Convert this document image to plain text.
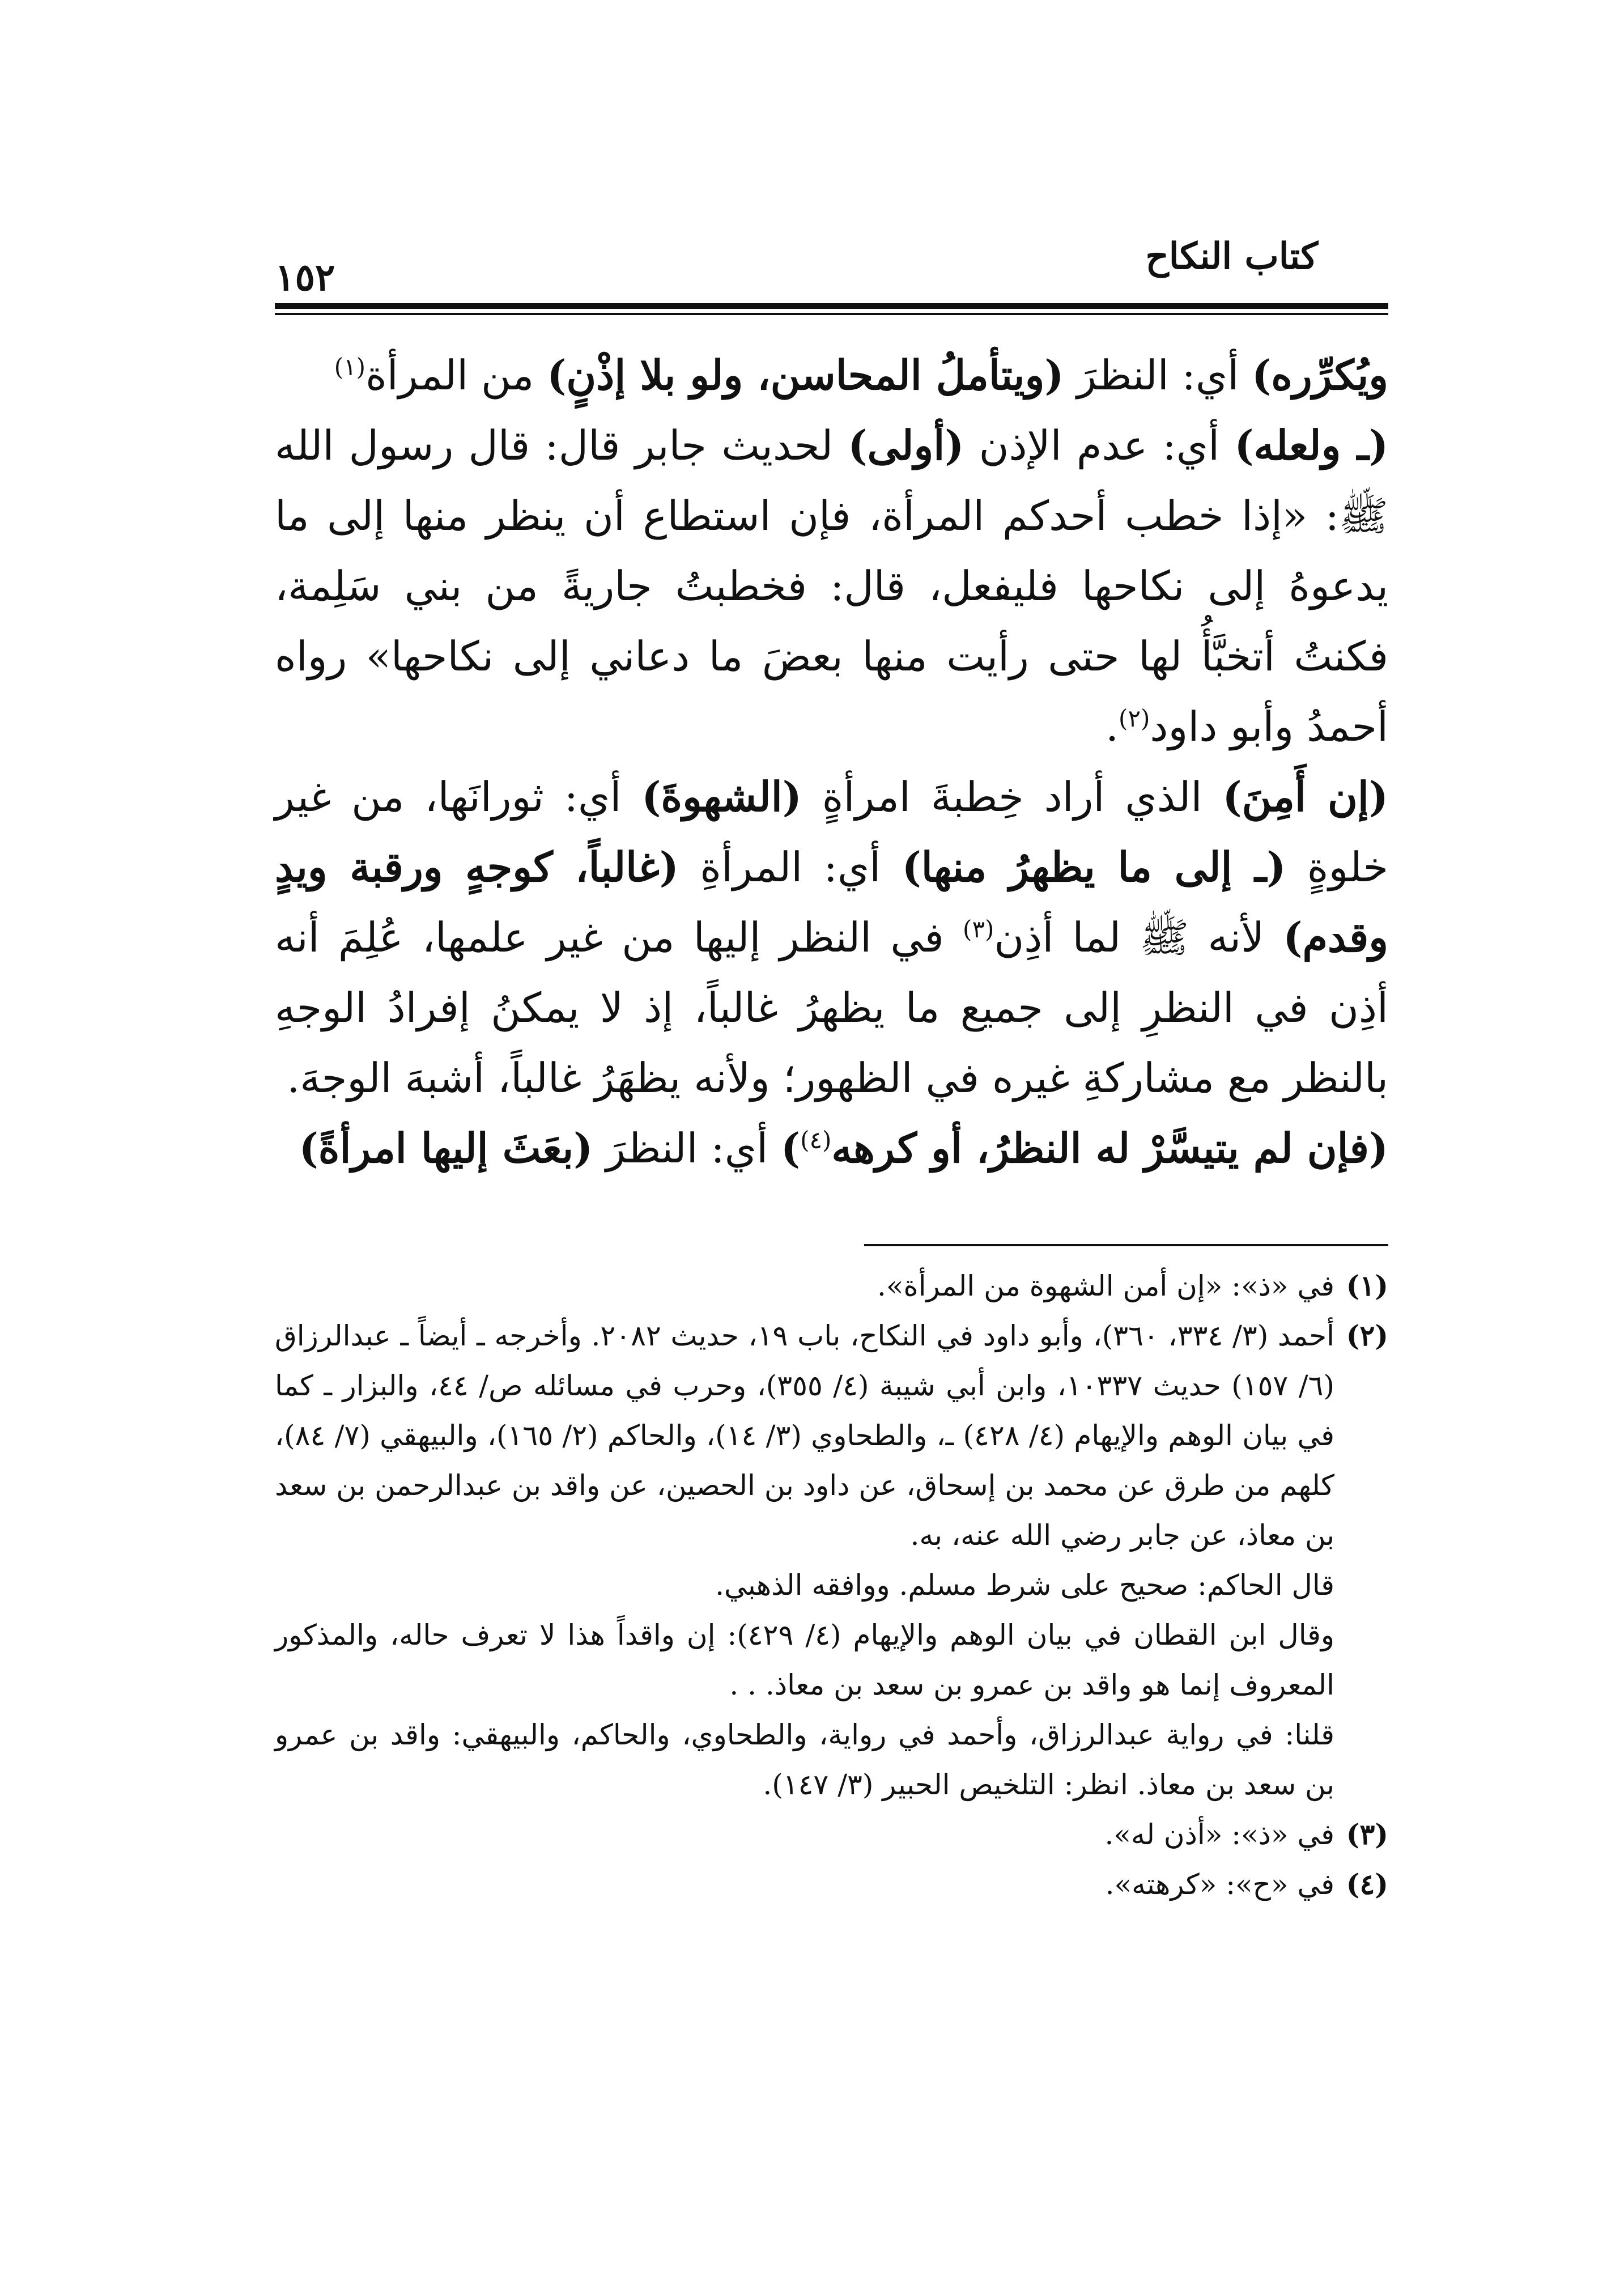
كتاب النكاح
١٥٢

ويُكرِّره) أي: النظرَ (ويتأملُ المحاسن، ولو بلا إذْنٍ) من المرأة$^{(١)}$

(ـ ولعله) أي: عدم الإذن (أولى) لحديث جابر قال: قال رسول الله ﷺ: «إذا خطب أحدكم المرأة، فإن استطاع أن ينظر منها إلى ما يدعوهُ إلى نكاحها فليفعل، قال: فخطبتُ جاريةً من بني سَلِمة، فكنتُ أتخبَّأُ لها حتى رأيت منها بعضَ ما دعاني إلى نكاحها» رواه أحمدُ وأبو داود$^{(٢)}$.

(إن أَمِنَ) الذي أراد خِطبةَ امرأةٍ (الشهوةَ) أي: ثورانَها، من غير خلوةٍ (ـ إلى ما يظهرُ منها) أي: المرأةِ (غالباً، كوجهٍ ورقبة ويدٍ وقدم) لأنه ﷺ لما أذِن$^{(٣)}$ في النظر إليها من غير علمها، عُلِمَ أنه أذِن في النظرِ إلى جميع ما يظهرُ غالباً، إذ لا يمكنُ إفرادُ الوجهِ بالنظر مع مشاركةِ غيره في الظهور؛ ولأنه يظهَرُ غالباً، أشبهَ الوجهَ.

(فإن لم يتيسَّرْ له النظرُ، أو كرهه$^{(٤)}$) أي: النظرَ (بعَثَ إليها امرأةً)

(١)
في «ذ»: «إن أمن الشهوة من المرأة».

(٢)
أحمد (٣/ ٣٣٤، ٣٦٠)، وأبو داود في النكاح، باب ١٩، حديث ٢٠٨٢. وأخرجه ـ أيضاً ـ عبدالرزاق (٦/ ١٥٧) حديث ١٠٣٣٧، وابن أبي شيبة (٤/ ٣٥٥)، وحرب في مسائله ص/ ٤٤، والبزار ـ كما في بيان الوهم والإيهام (٤/ ٤٢٨) ـ، والطحاوي (٣/ ١٤)، والحاكم (٢/ ١٦٥)، والبيهقي (٧/ ٨٤)، كلهم من طرق عن محمد بن إسحاق، عن داود بن الحصين، عن واقد بن عبدالرحمن بن سعد بن معاذ، عن جابر رضي الله عنه، به.

قال الحاكم: صحيح على شرط مسلم. ووافقه الذهبي.

وقال ابن القطان في بيان الوهم والإيهام (٤/ ٤٢٩): إن واقداً هذا لا تعرف حاله، والمذكور المعروف إنما هو واقد بن عمرو بن سعد بن معاذ. . .

قلنا: في رواية عبدالرزاق، وأحمد في رواية، والطحاوي، والحاكم، والبيهقي: واقد بن عمرو بن سعد بن معاذ. انظر: التلخيص الحبير (٣/ ١٤٧).

(٣)
في «ذ»: «أذن له».

(٤)
في «ح»: «كرهته».
